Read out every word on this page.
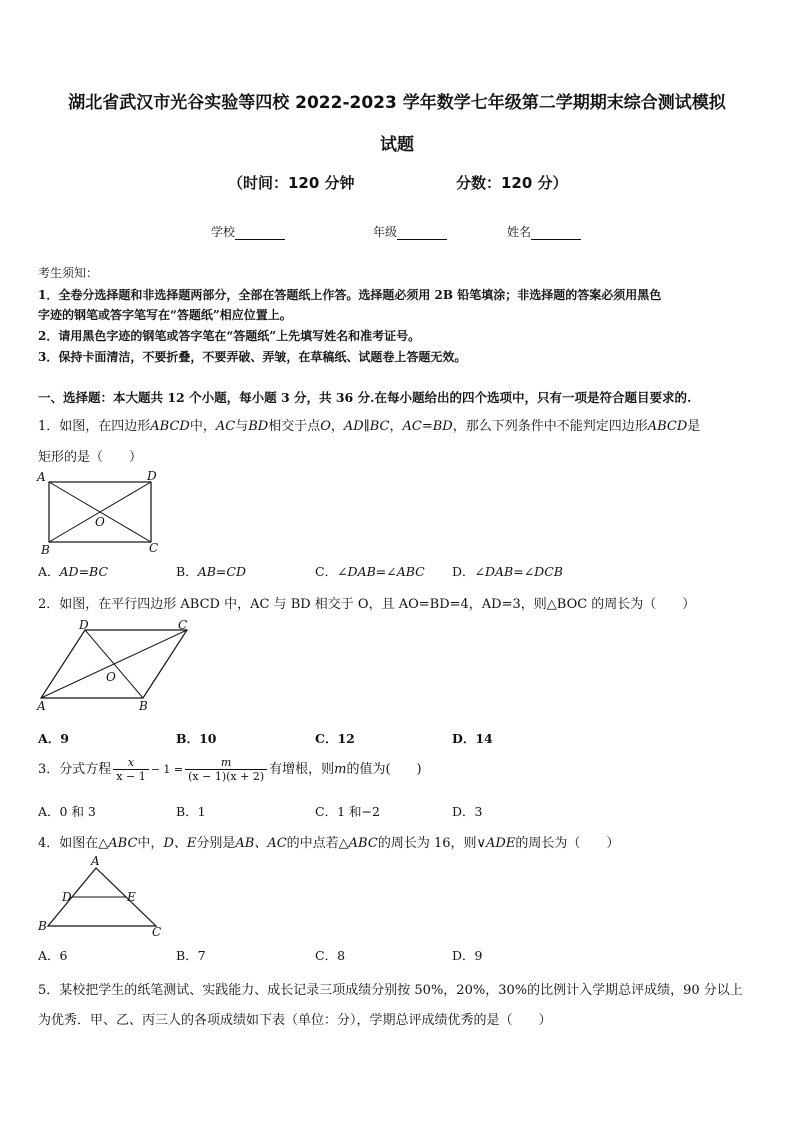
湖北省武汉市光谷实验等四校 2022-2023 学年数学七年级第二学期期末综合测试模拟
试题
（时间：120 分钟	分数：120 分）
学校	年级	姓名
考生须知：
1．全卷分选择题和非选择题两部分，全部在答题纸上作答。选择题必须用 2B 铅笔填涂；非选择题的答案必须用黑色
字迹的钢笔或答字笔写在“答题纸”相应位置上。
2．请用黑色字迹的钢笔或答字笔在“答题纸”上先填写姓名和准考证号。
3．保持卡面清洁，不要折叠，不要弄破、弄皱，在草稿纸、试题卷上答题无效。
一、选择题：本大题共 12 个小题，每小题 3 分，共 36 分.在每小题给出的四个选项中，只有一项是符合题目要求的.
1．如图，在四边形ABCD中，AC与BD相交于点O，AD∥BC，AC=BD，那么下列条件中不能判定四边形ABCD是
矩形的是（　　）
A	D
O
B	C
A．AD=BC	B．AB=CD	C．∠DAB=∠ABC D．∠DAB=∠DCB
2．如图，在平行四边形 ABCD 中，AC 与 BD 相交于 O，且 AO=BD=4，AD=3，则△BOC 的周长为（　　）
D	C
O
A	B
A．9	B．10	C．12	D．14
3．分式方程 $\frac{x}{x - 1} - 1 = \frac{m}{(x - 1)(x + 2)}$ 有增根，则m的值为(　　)
A．0 和 3	B．1	C．1 和−2	D．3
4．如图在△ABC中，D、E分别是AB、AC的中点若△ABC的周长为 16，则∨ADE的周长为（　　）
A
D	E
B	C
A．6	B．7	C．8	D．9
5．某校把学生的纸笔测试、实践能力、成长记录三项成绩分别按 50%，20%，30%的比例计入学期总评成绩，90 分以上
为优秀．甲、乙、丙三人的各项成绩如下表（单位：分），学期总评成绩优秀的是（　　）
